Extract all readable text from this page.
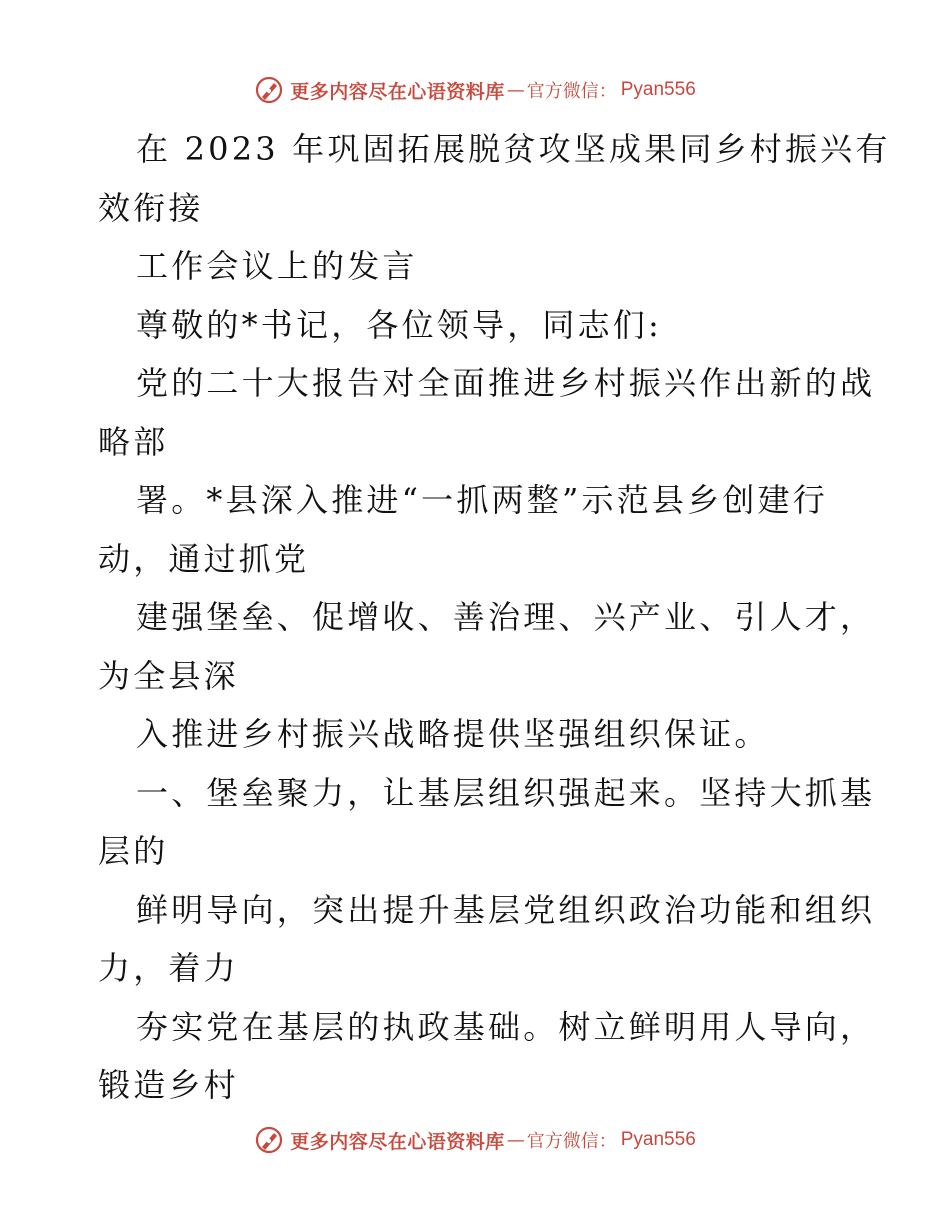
更多内容尽在心语资料库 — 官方微信： Pyan556
在 2023 年巩固拓展脱贫攻坚成果同乡村振兴有
效衔接
工作会议上的发言
尊敬的*书记，各位领导，同志们:
党的二十大报告对全面推进乡村振兴作出新的战
略部
署。*县深入推进“一抓两整”示范县乡创建行
动，通过抓党
建强堡垒、促增收、善治理、兴产业、引人才，
为全县深
入推进乡村振兴战略提供坚强组织保证。
一、堡垒聚力，让基层组织强起来。坚持大抓基
层的
鲜明导向，突出提升基层党组织政治功能和组织
力，着力
夯实党在基层的执政基础。树立鲜明用人导向，
锻造乡村
更多内容尽在心语资料库 — 官方微信： Pyan556
